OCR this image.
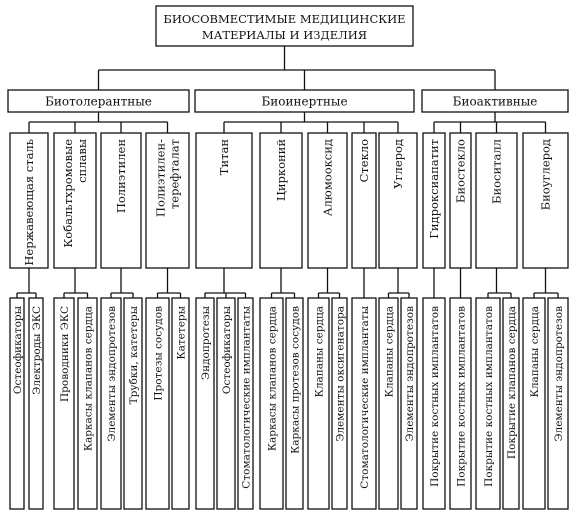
БИОСОВМЕСТИМЫЕ МЕДИЦИНСКИЕ
МАТЕРИАЛЫ И ИЗДЕЛИЯ
Биотолерантные
Нержавеющая сталь
Остеофикаторы Электроды ЭКС
Кобальтхромовыесплавы
Проводники ЭКС Каркасы клапанов сердца
Полиэтилен
Элементы эндопротезов Трубки, катетеры
Полиэтилен-терефталат
Протезы сосудов Катетеры
Биоинертные
Титан
Эндопротезы Остеофикаторы Стоматологические имплантаты
Цирконий
Каркасы клапанов сердца Каркасы протезов сосудов
Алюмооксид
Клапаны сердца Элементы оксигенатора
Стекло
Стоматологические имплантаты
Углерод
Клапаны сердца Элементы эндопротезов
Биоактивные
Гидроксиапатит
Покрытие костных имплантатов
Биостекло
Покрытие костных имплантатов
Биоситалл
Покрытие костных имплантатов Покрытие клапанов сердца
Биоуглерод
Клапаны сердца Элементы эндопротезов
